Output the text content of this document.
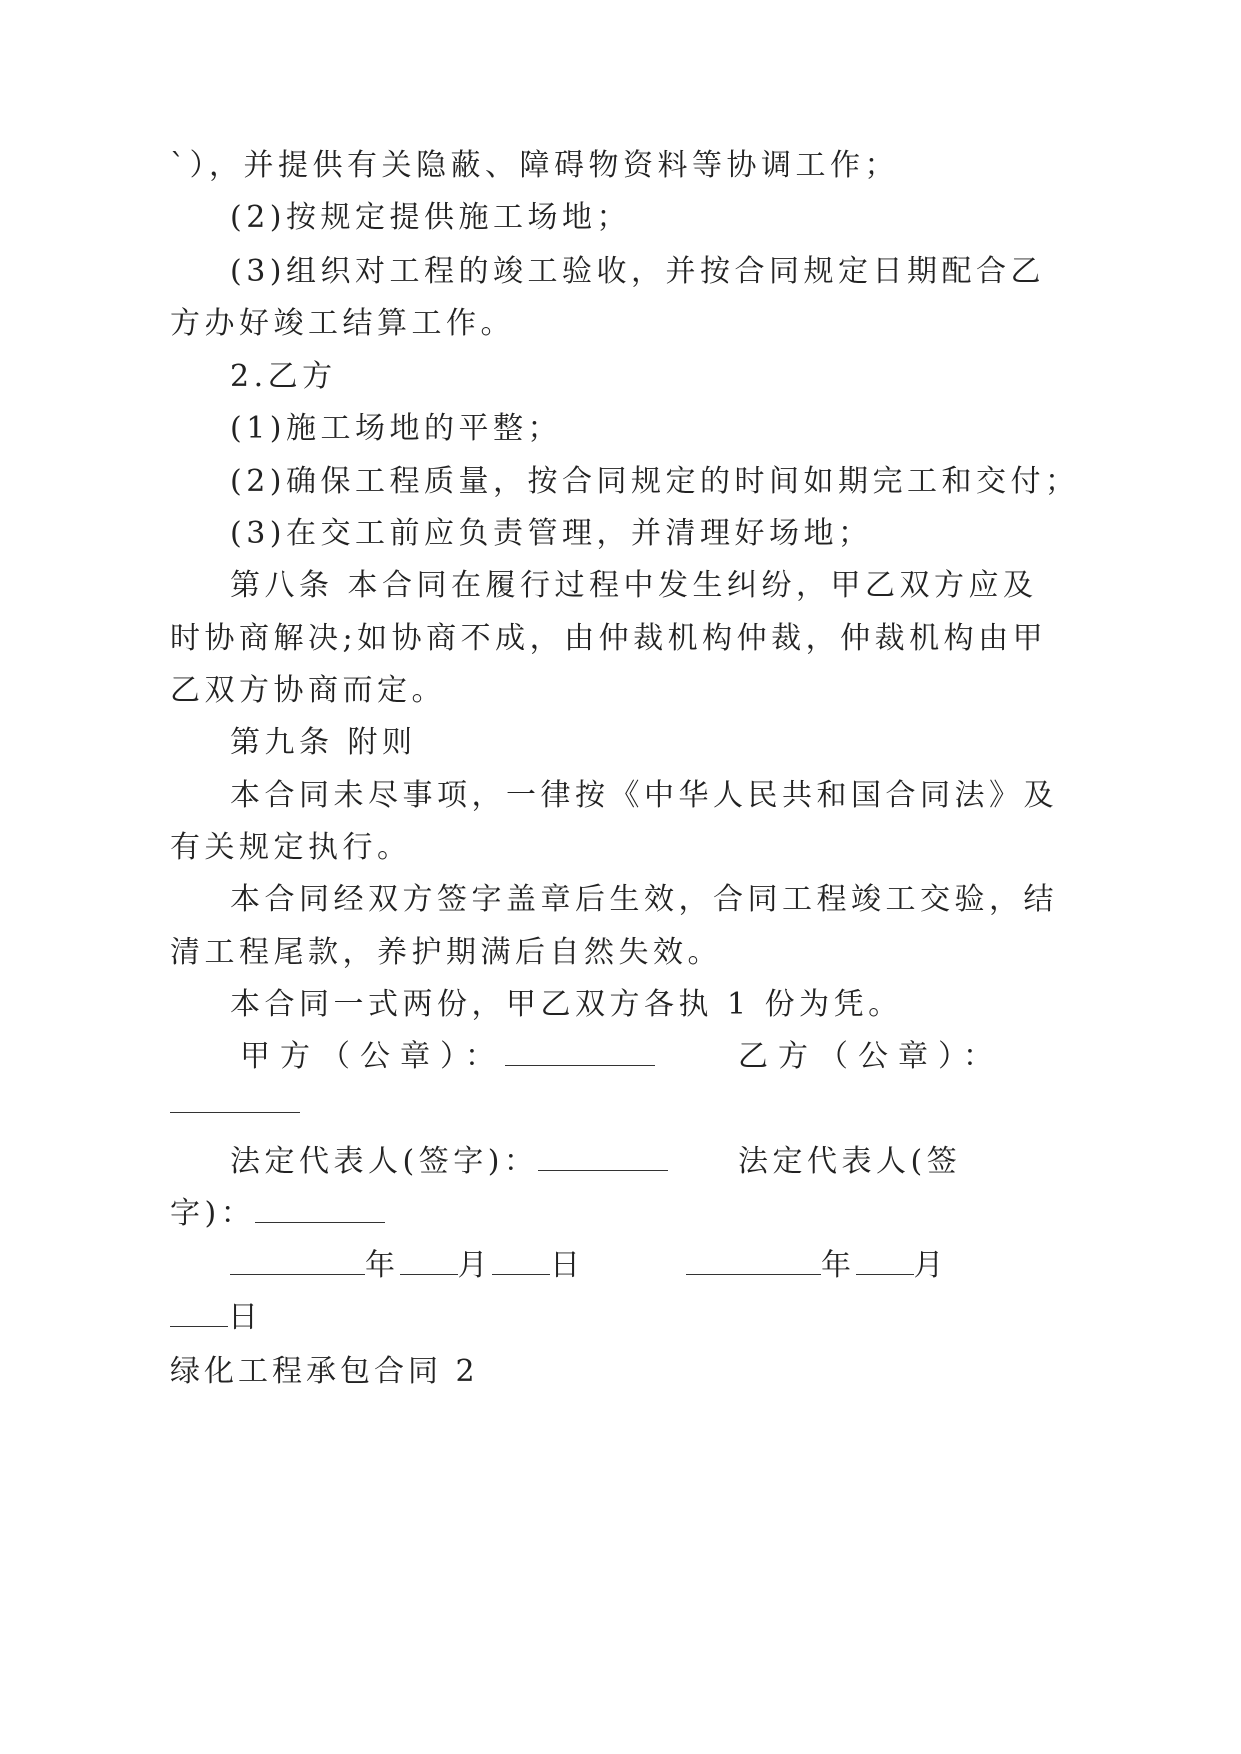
`），并提供有关隐蔽、障碍物资料等协调工作；
(2)按规定提供施工场地；
(3)组织对工程的竣工验收，并按合同规定日期配合乙
方办好竣工结算工作。
2.乙方
(1)施工场地的平整；
(2)确保工程质量，按合同规定的时间如期完工和交付；
(3)在交工前应负责管理，并清理好场地；
第八条 本合同在履行过程中发生纠纷，甲乙双方应及
时协商解决;如协商不成，由仲裁机构仲裁，仲裁机构由甲
乙双方协商而定。
第九条 附则
本合同未尽事项，一律按《中华人民共和国合同法》及
有关规定执行。
本合同经双方签字盖章后生效，合同工程竣工交验，结
清工程尾款，养护期满后自然失效。
本合同一式两份，甲乙双方各执 1 份为凭。
甲方（公章）：	乙方（公章）：
法定代表人(签字)：	法定代表人(签
字)：
年 月 日	年 月
日
绿化工程承包合同 2
